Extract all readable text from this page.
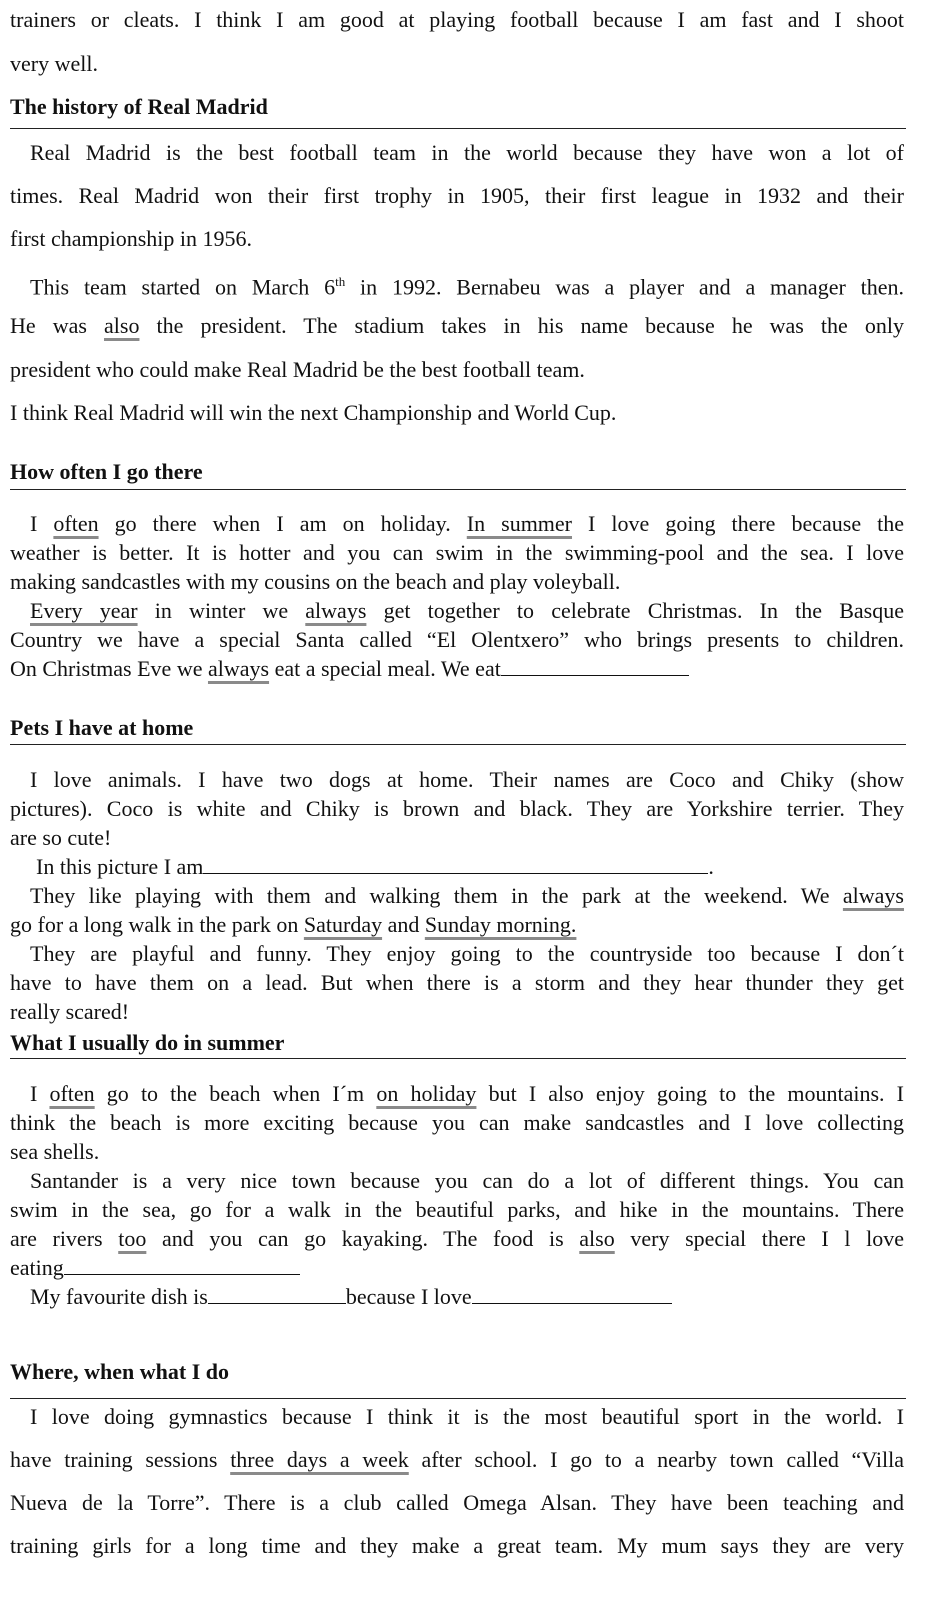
trainers or cleats. I think I am good at playing football because I am fast and I shoot
very well.
The history of Real Madrid
Real Madrid is the best football team in the world because they have won a lot of
times. Real Madrid won their first trophy in 1905, their first league in 1932 and their
first championship in 1956.
This team started on March 6th in 1992. Bernabeu was a player and a manager then.
He was also the president. The stadium takes in his name because he was the only
president who could make Real Madrid be the best football team.
I think Real Madrid will win the next Championship and World Cup.
How often I go there
I often go there when I am on holiday. In summer I love going there because the
weather is better. It is hotter and you can swim in the swimming-pool and the sea. I love
making sandcastles with my cousins on the beach and play voleyball.
Every year in winter we always get together to celebrate Christmas. In the Basque
Country we have a special Santa called “El Olentxero” who brings presents to children.
On Christmas Eve we always eat a special meal. We eat
Pets I have at home
I love animals. I have two dogs at home. Their names are Coco and Chiky (show
pictures). Coco is white and Chiky is brown and black. They are Yorkshire terrier. They
are so cute!
In this picture I am	.
They like playing with them and walking them in the park at the weekend. We always
go for a long walk in the park on Saturday and Sunday morning.
They are playful and funny. They enjoy going to the countryside too because I don´t
have to have them on a lead. But when there is a storm and they hear thunder they get
really scared!
What I usually do in summer
I often go to the beach when I´m on holiday but I also enjoy going to the mountains. I
think the beach is more exciting because you can make sandcastles and I love collecting
sea shells.
Santander is a very nice town because you can do a lot of different things. You can
swim in the sea, go for a walk in the beautiful parks, and hike in the mountains. There
are rivers too and you can go kayaking. The food is also very special there I l love
eating
My favourite dish is	because I love
Where, when what I do
I love doing gymnastics because I think it is the most beautiful sport in the world. I
have training sessions three days a week after school. I go to a nearby town called “Villa
Nueva de la Torre”. There is a club called Omega Alsan. They have been teaching and
training girls for a long time and they make a great team. My mum says they are very
